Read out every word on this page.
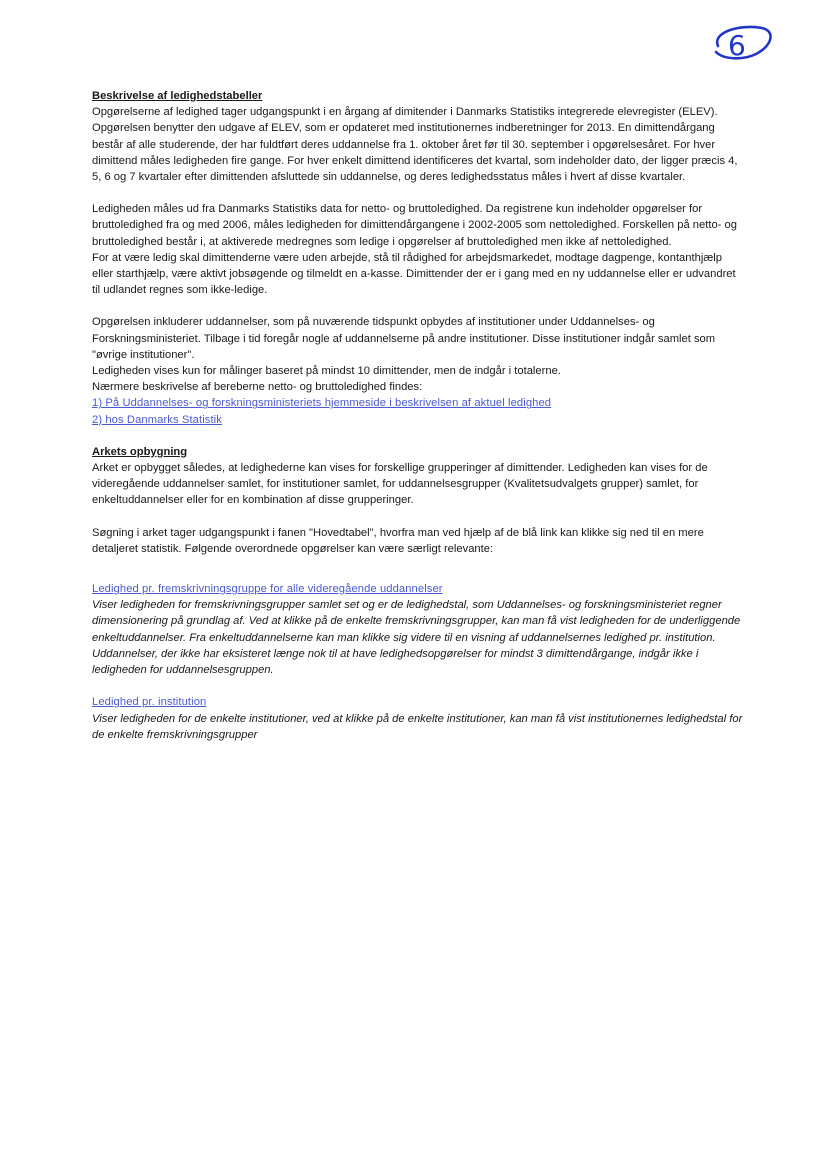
6

Beskrivelse af ledighedstabeller

Opgørelserne af ledighed tager udgangspunkt i en årgang af dimitender i Danmarks Statistiks integrerede elevregister (ELEV). Opgørelsen benytter den udgave af ELEV, som er opdateret med institutionernes indberetninger for 2013. En dimittendårgang består af alle studerende, der har fuldtført deres uddannelse fra 1. oktober året før til 30. september i opgørelsesåret. For hver dimittend måles ledigheden fire gange. For hver enkelt dimittend identificeres det kvartal, som indeholder dato, der ligger præcis 4, 5, 6 og 7 kvartaler efter dimittenden afsluttede sin uddannelse, og deres ledighedsstatus måles i hvert af disse kvartaler.

Ledigheden måles ud fra Danmarks Statistiks data for netto- og bruttoledighed. Da registrene kun indeholder opgørelser for bruttoledighed fra og med 2006, måles ledigheden for dimittendårgangene i 2002-2005 som nettoledighed. Forskellen på netto- og bruttoledighed består i, at aktiverede medregnes som ledige i opgørelser af bruttoledighed men ikke af nettoledighed.

For at være ledig skal dimittenderne være uden arbejde, stå til rådighed for arbejdsmarkedet, modtage dagpenge, kontanthjælp eller starthjælp, være aktivt jobsøgende og tilmeldt en a-kasse. Dimittender der er i gang med en ny uddannelse eller er udvandret til udlandet regnes som ikke-ledige.

Opgørelsen inkluderer uddannelser, som på nuværende tidspunkt opbydes af institutioner under Uddannelses- og Forskningsministeriet. Tilbage i tid foregår nogle af uddannelserne på andre institutioner. Disse institutioner indgår samlet som "øvrige institutioner".

Ledigheden vises kun for målinger baseret på mindst 10 dimittender, men de indgår i totalerne.

Nærmere beskrivelse af bereberne netto- og bruttoledighed findes:

1) På Uddannelses- og forskningsministeriets hjemmeside i beskrivelsen af aktuel ledighed
2) hos Danmarks Statistik

Arkets opbygning

Arket er opbygget således, at ledighederne kan vises for forskellige grupperinger af dimittender. Ledigheden kan vises for de videregående uddannelser samlet, for institutioner samlet, for uddannelsesgrupper (Kvalitetsudvalgets grupper) samlet, for enkeltuddannelser eller for en kombination af disse grupperinger.

Søgning i arket tager udgangspunkt i fanen "Hovedtabel", hvorfra man ved hjælp af de blå link kan klikke sig ned til en mere detaljeret statistik. Følgende overordnede opgørelser kan være særligt relevante:

Ledighed pr. fremskrivningsgruppe for alle videregående uddannelser

Viser ledigheden for fremskrivningsgrupper samlet set og er de ledighedstal, som Uddannelses- og forskningsministeriet regner dimensionering på grundlag af. Ved at klikke på de enkelte fremskrivningsgrupper, kan man få vist ledigheden for de underliggende enkeltuddannelser. Fra enkeltuddannelserne kan man klikke sig videre til en visning af uddannelsernes ledighed pr. institution. Uddannelser, der ikke har eksisteret længe nok til at have ledighedsopgørelser for mindst 3 dimittendårgange, indgår ikke i ledigheden for uddannelsesgruppen.

Ledighed pr. institution

Viser ledigheden for de enkelte institutioner, ved at klikke på de enkelte institutioner, kan man få vist institutionernes ledighedstal for de enkelte fremskrivningsgrupper
